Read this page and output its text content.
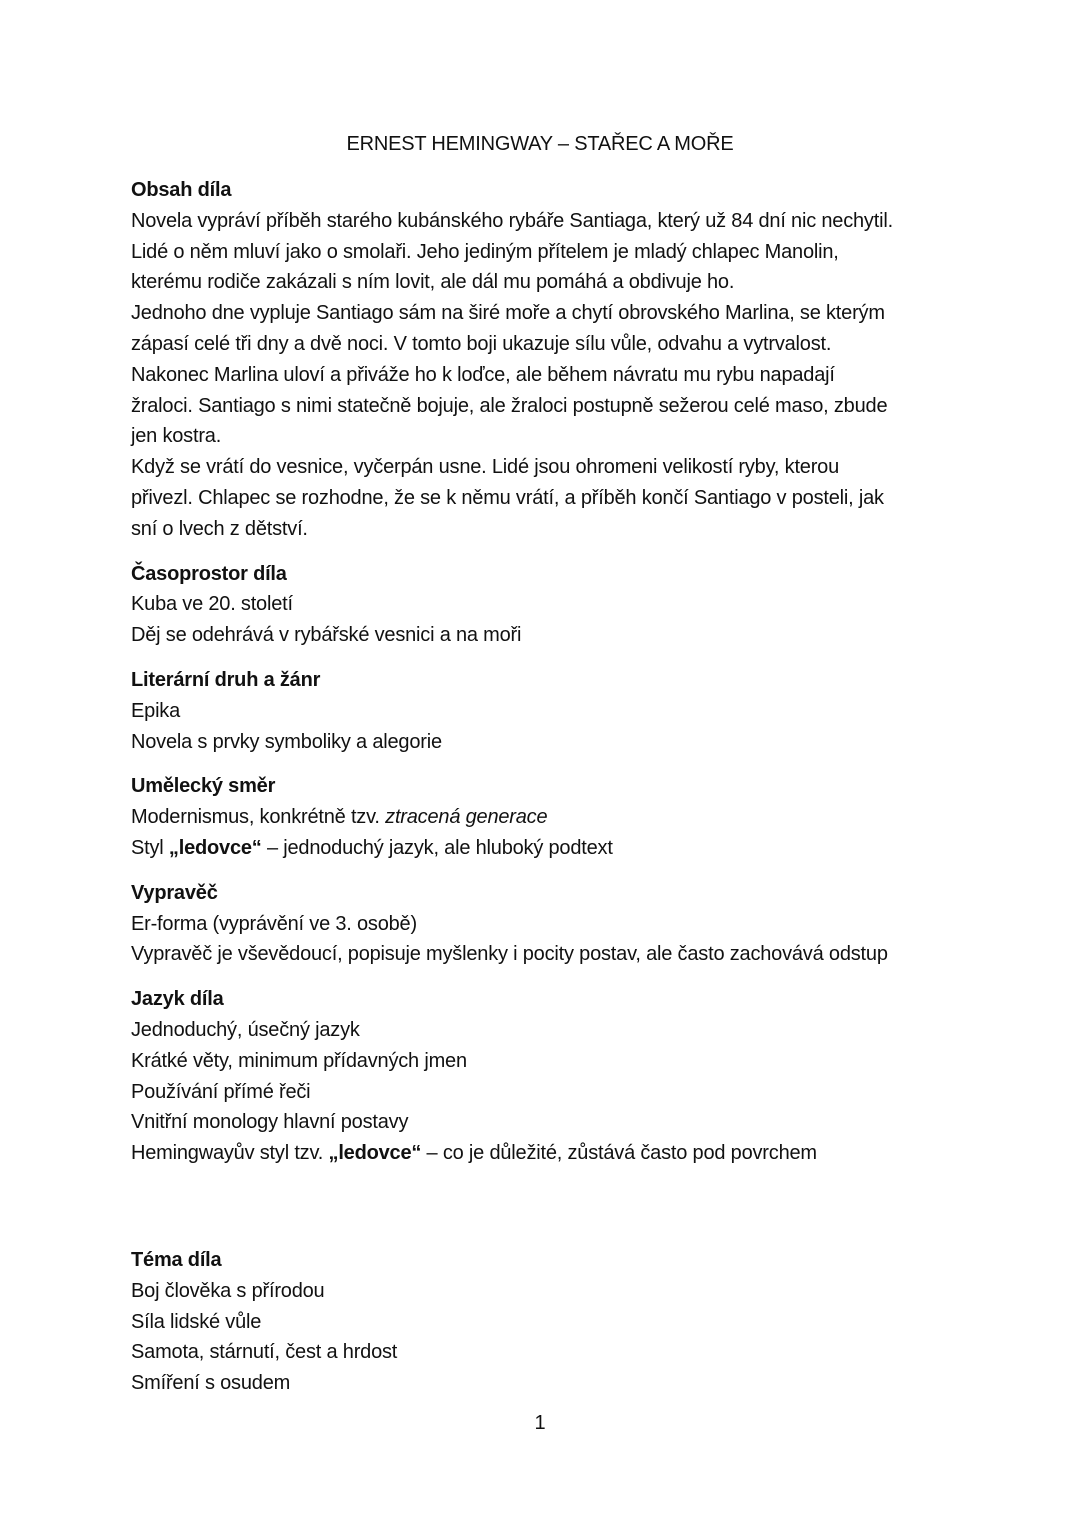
ERNEST HEMINGWAY – STAŘEC A MOŘE
Obsah díla
Novela vypráví příběh starého kubánského rybáře Santiaga, který už 84 dní nic nechytil.
Lidé o něm mluví jako o smolaři. Jeho jediným přítelem je mladý chlapec Manolin,
kterému rodiče zakázali s ním lovit, ale dál mu pomáhá a obdivuje ho.
Jednoho dne vypluje Santiago sám na širé moře a chytí obrovského Marlina, se kterým
zápasí celé tři dny a dvě noci. V tomto boji ukazuje sílu vůle, odvahu a vytrvalost.
Nakonec Marlina uloví a přiváže ho k loďce, ale během návratu mu rybu napadají
žraloci. Santiago s nimi statečně bojuje, ale žraloci postupně sežerou celé maso, zbude
jen kostra.
Když se vrátí do vesnice, vyčerpán usne. Lidé jsou ohromeni velikostí ryby, kterou
přivezl. Chlapec se rozhodne, že se k němu vrátí, a příběh končí Santiago v posteli, jak
sní o lvech z dětství.
Časoprostor díla
Kuba ve 20. století
Děj se odehrává v rybářské vesnici a na moři
Literární druh a žánr
Epika
Novela s prvky symboliky a alegorie
Umělecký směr
Modernismus, konkrétně tzv. ztracená generace
Styl „ledovce“ – jednoduchý jazyk, ale hluboký podtext
Vypravěč
Er-forma (vyprávění ve 3. osobě)
Vypravěč je vševědoucí, popisuje myšlenky i pocity postav, ale často zachovává odstup
Jazyk díla
Jednoduchý, úsečný jazyk
Krátké věty, minimum přídavných jmen
Používání přímé řeči
Vnitřní monology hlavní postavy
Hemingwayův styl tzv. „ledovce“ – co je důležité, zůstává často pod povrchem
Téma díla
Boj člověka s přírodou
Síla lidské vůle
Samota, stárnutí, čest a hrdost
Smíření s osudem
1
